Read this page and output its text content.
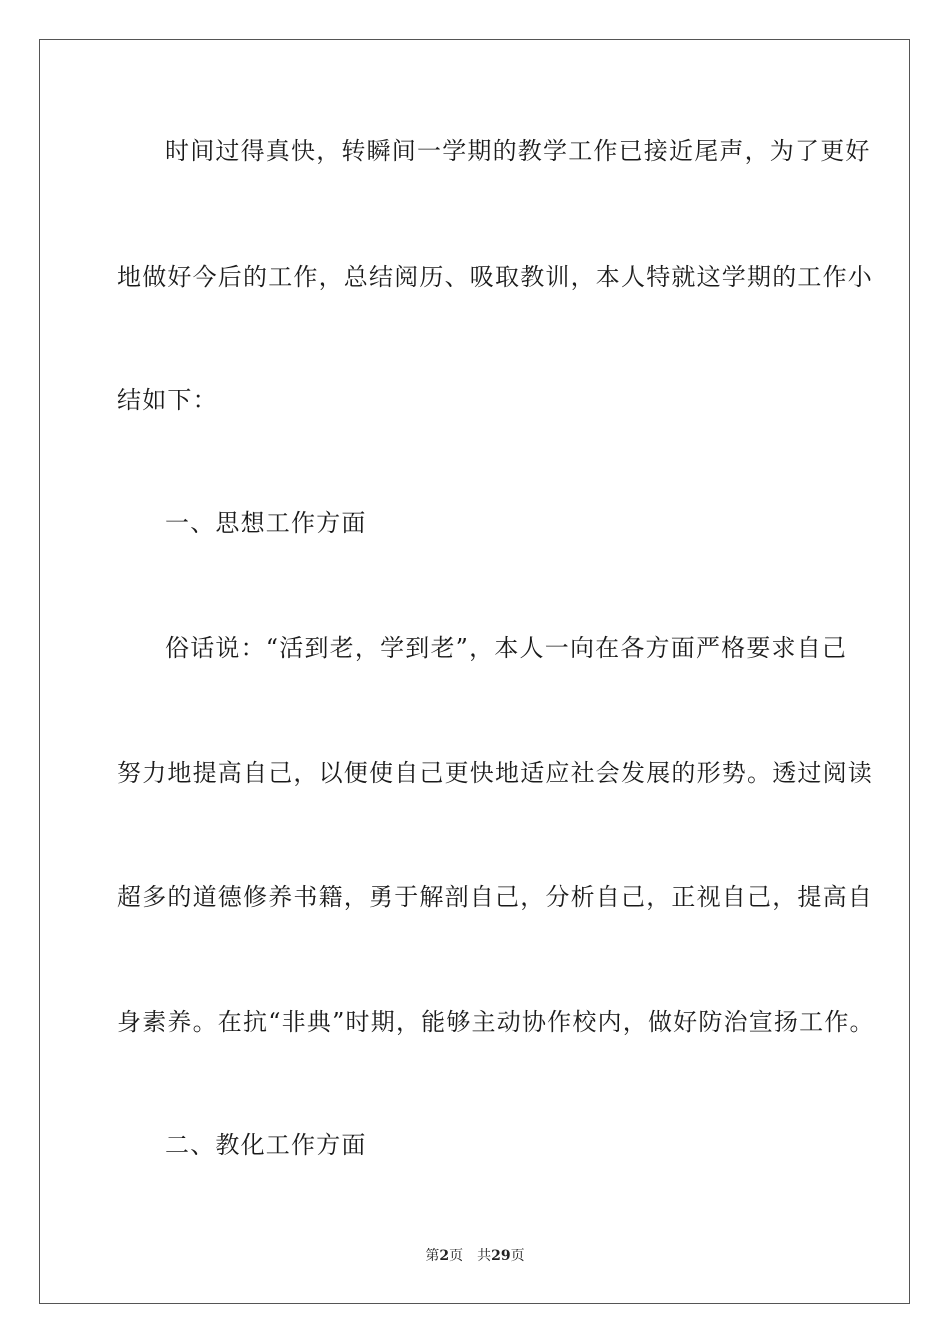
时间过得真快，转瞬间一学期的教学工作已接近尾声，为了更好
地做好今后的工作，总结阅历、吸取教训，本人特就这学期的工作小
结如下：
一、思想工作方面
俗话说：“活到老，学到老”，本人一向在各方面严格要求自己
努力地提高自己，以便使自己更快地适应社会发展的形势。透过阅读
超多的道德修养书籍，勇于解剖自己，分析自己，正视自己，提高自
身素养。在抗“非典”时期，能够主动协作校内，做好防治宣扬工作。
二、教化工作方面
第2页 共29页
